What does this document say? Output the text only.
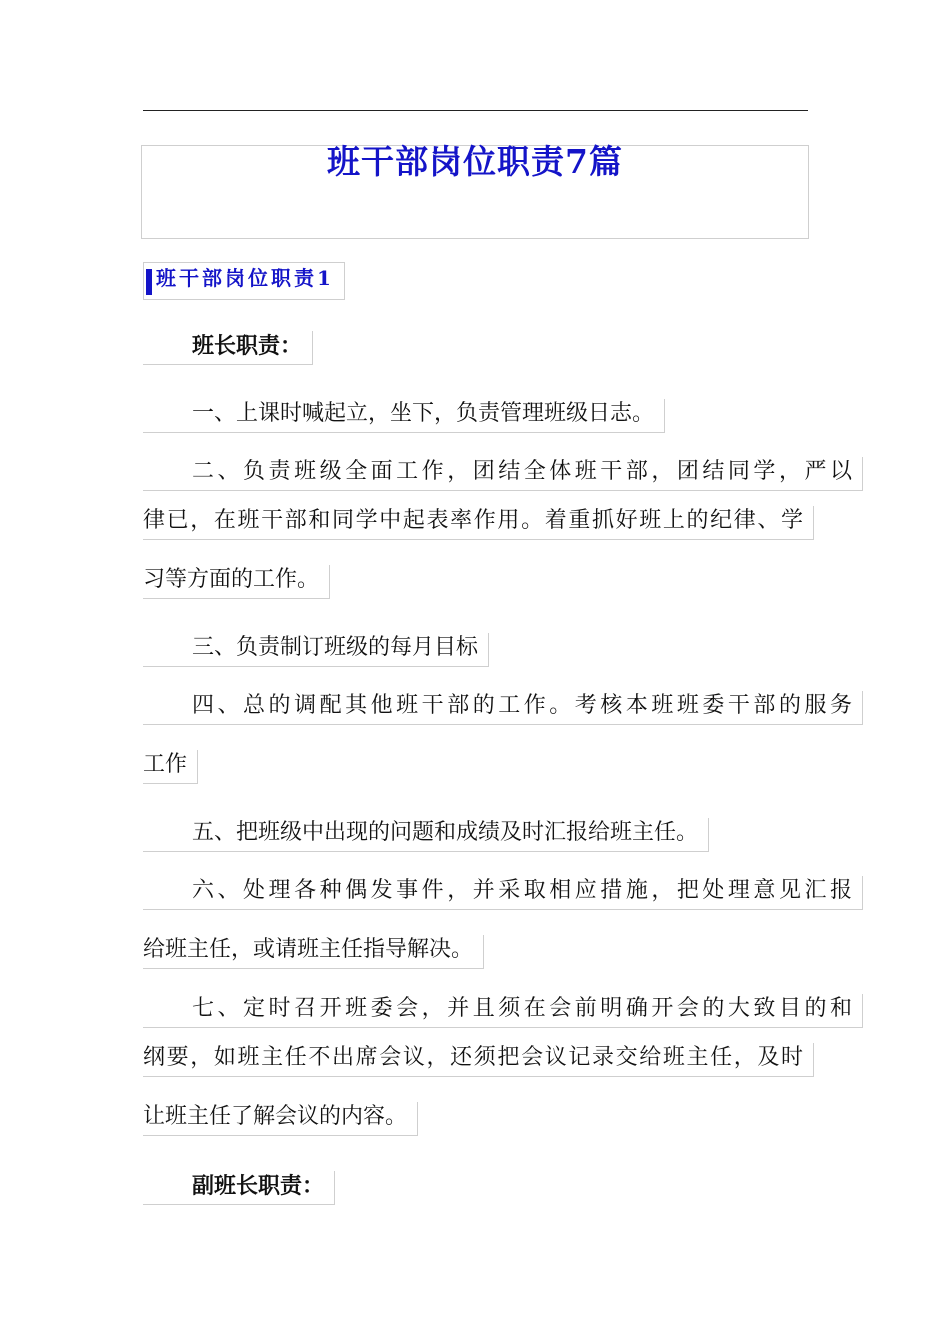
班干部岗位职责7篇
班干部岗位职责1
班长职责：
一、上课时喊起立，坐下，负责管理班级日志。
二、负责班级全面工作，团结全体班干部，团结同学，严以
律已，在班干部和同学中起表率作用。着重抓好班上的纪律、学
习等方面的工作。
三、负责制订班级的每月目标
四、总的调配其他班干部的工作。考核本班班委干部的服务
工作
五、把班级中出现的问题和成绩及时汇报给班主任。
六、处理各种偶发事件，并采取相应措施，把处理意见汇报
给班主任，或请班主任指导解决。
七、定时召开班委会，并且须在会前明确开会的大致目的和
纲要，如班主任不出席会议，还须把会议记录交给班主任，及时
让班主任了解会议的内容。
副班长职责：
